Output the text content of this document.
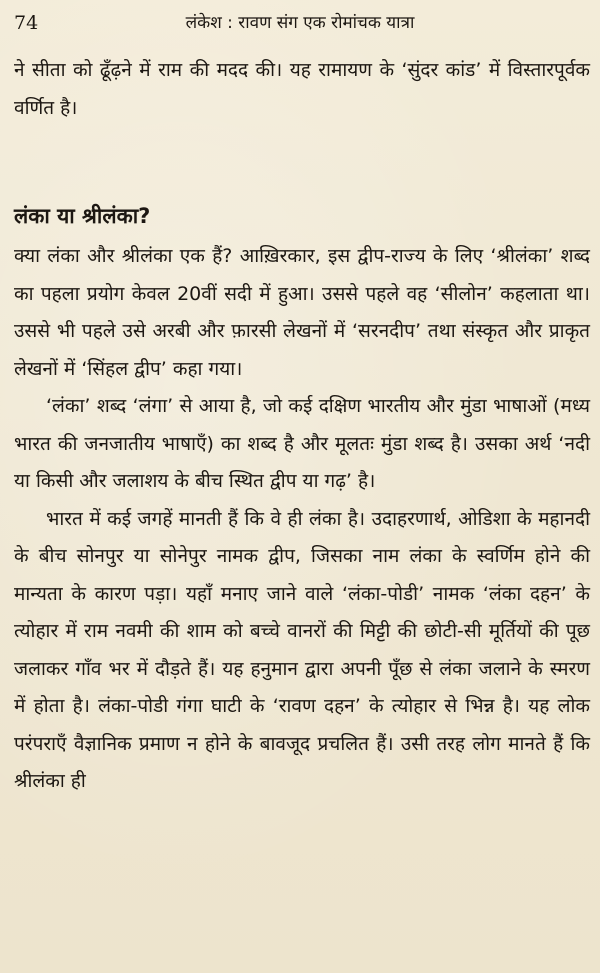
74	लंकेश : रावण संग एक रोमांचक यात्रा

ने सीता को ढूँढ़ने में राम की मदद की। यह रामायण के ‘सुंदर कांड’ में विस्तारपूर्वक वर्णित है।

लंका या श्रीलंका?

क्या लंका और श्रीलंका एक हैं? आख़िरकार, इस द्वीप-राज्य के लिए ‘श्रीलंका’ शब्द का पहला प्रयोग केवल 20वीं सदी में हुआ। उससे पहले वह ‘सीलोन’ कहलाता था। उससे भी पहले उसे अरबी और फ़ारसी लेखनों में ‘सरनदीप’ तथा संस्कृत और प्राकृत लेखनों में ‘सिंहल द्वीप’ कहा गया।

‘लंका’ शब्द ‘लंगा’ से आया है, जो कई दक्षिण भारतीय और मुंडा भाषाओं (मध्य भारत की जनजातीय भाषाएँ) का शब्द है और मूलतः मुंडा शब्द है। उसका अर्थ ‘नदी या किसी और जलाशय के बीच स्थित द्वीप या गढ़’ है।

भारत में कई जगहें मानती हैं कि वे ही लंका है। उदाहरणार्थ, ओडिशा के महानदी के बीच सोनपुर या सोनेपुर नामक द्वीप, जिसका नाम लंका के स्वर्णिम होने की मान्यता के कारण पड़ा। यहाँ मनाए जाने वाले ‘लंका-पोडी’ नामक ‘लंका दहन’ के त्योहार में राम नवमी की शाम को बच्चे वानरों की मिट्टी की छोटी-सी मूर्तियों की पूछ जलाकर गाँव भर में दौड़ते हैं। यह हनुमान द्वारा अपनी पूँछ से लंका जलाने के स्मरण में होता है। लंका-पोडी गंगा घाटी के ‘रावण दहन’ के त्योहार से भिन्न है। यह लोक परंपराएँ वैज्ञानिक प्रमाण न होने के बावजूद प्रचलित हैं। उसी तरह लोग मानते हैं कि श्रीलंका ही
